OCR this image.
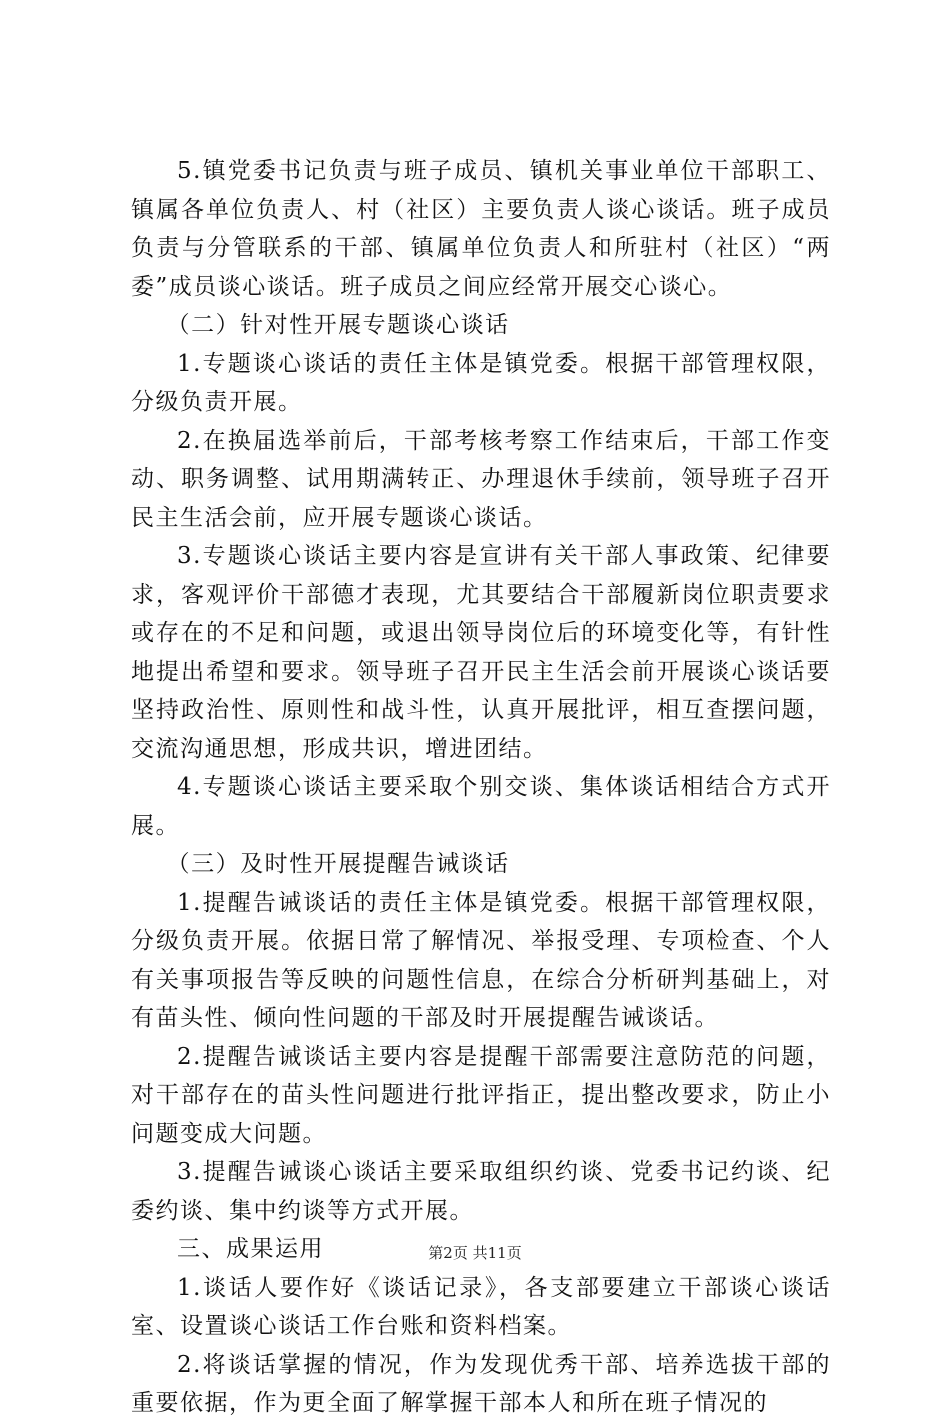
5.镇党委书记负责与班子成员、镇机关事业单位干部职工、镇属各单位负责人、村（社区）主要负责人谈心谈话。班子成员负责与分管联系的干部、镇属单位负责人和所驻村（社区）“两委”成员谈心谈话。班子成员之间应经常开展交心谈心。

（二）针对性开展专题谈心谈话

1.专题谈心谈话的责任主体是镇党委。根据干部管理权限，分级负责开展。

2.在换届选举前后，干部考核考察工作结束后，干部工作变动、职务调整、试用期满转正、办理退休手续前，领导班子召开民主生活会前，应开展专题谈心谈话。

3.专题谈心谈话主要内容是宣讲有关干部人事政策、纪律要求，客观评价干部德才表现，尤其要结合干部履新岗位职责要求或存在的不足和问题，或退出领导岗位后的环境变化等，有针性地提出希望和要求。领导班子召开民主生活会前开展谈心谈话要坚持政治性、原则性和战斗性，认真开展批评，相互查摆问题，交流沟通思想，形成共识，增进团结。

4.专题谈心谈话主要采取个别交谈、集体谈话相结合方式开展。

（三）及时性开展提醒告诫谈话

1.提醒告诫谈话的责任主体是镇党委。根据干部管理权限，分级负责开展。依据日常了解情况、举报受理、专项检查、个人有关事项报告等反映的问题性信息，在综合分析研判基础上，对有苗头性、倾向性问题的干部及时开展提醒告诫谈话。

2.提醒告诫谈话主要内容是提醒干部需要注意防范的问题，对干部存在的苗头性问题进行批评指正，提出整改要求，防止小问题变成大问题。

3.提醒告诫谈心谈话主要采取组织约谈、党委书记约谈、纪委约谈、集中约谈等方式开展。

三、成果运用

1.谈话人要作好《谈话记录》，各支部要建立干部谈心谈话室、设置谈心谈话工作台账和资料档案。

2.将谈话掌握的情况，作为发现优秀干部、培养选拔干部的重要依据，作为更全面了解掌握干部本人和所在班子情况的

第2页 共11页
